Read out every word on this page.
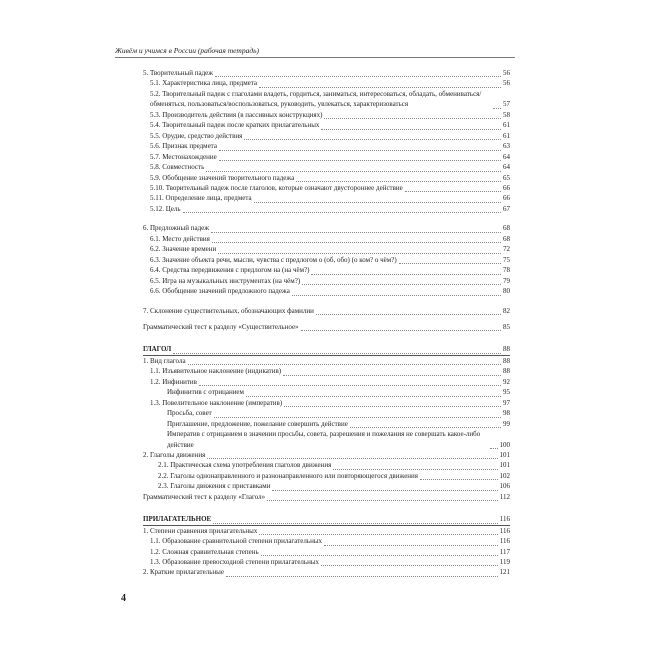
Живём и учимся в России (рабочая тетрадь)
5. Творительный падеж	56
5.1. Характеристика лица, предмета	56
5.2. Творительный падеж с глаголами владеть, гордиться, заниматься, интересоваться, обладать, обмениваться/обменяться, пользоваться/воспользоваться, руководить, увлекаться, характеризоваться	57
5.3. Производитель действия (в пассивных конструкциях)	58
5.4. Творительный падеж после кратких прилагательных	61
5.5. Орудие, средство действия	61
5.6. Признак предмета	63
5.7. Местонахождение	64
5.8. Совместность	64
5.9. Обобщение значений творительного падежа	65
5.10. Творительный падеж после глаголов, которые означают двустороннее действие	66
5.11. Определение лица, предмета	66
5.12. Цель	67
6. Предложный падеж	68
6.1. Место действия	68
6.2. Значение времени	72
6.3. Значение объекта речи, мысли, чувства с предлогом о (об, обо) (о ком? о чём?)	75
6.4. Средства передвижения с предлогом на (на чём?)	78
6.5. Игра на музыкальных инструментах (на чём?)	79
6.6. Обобщение значений предложного падежа	80
7. Склонение существительных, обозначающих фамилии	82
Грамматический тест к разделу «Существительное»	85
ГЛАГОЛ	88
1. Вид глагола	88
1.1. Изъявительное наклонение (индикатив)	88
1.2. Инфинитив	92
Инфинитив с отрицанием	95
1.3. Повелительное наклонение (императив)	97
Просьба, совет	98
Приглашение, предложение, пожелание совершить действие	99
Императив с отрицанием в значении просьбы, совета, разрешения и пожелания не совершать какое-либо действие	100
2. Глаголы движения	101
2.1. Практическая схема употребления глаголов движения	101
2.2. Глаголы однонаправленного и разнонаправленного или повторяющегося движения	102
2.3. Глаголы движения с приставками	106
Грамматический тест к разделу «Глагол»	112
ПРИЛАГАТЕЛЬНОЕ	116
1. Степени сравнения прилагательных	116
1.1. Образование сравнительной степени прилагательных	116
1.2. Сложная сравнительная степень	117
1.3. Образование превосходной степени прилагательных	119
2. Краткие прилагательные	121
4
